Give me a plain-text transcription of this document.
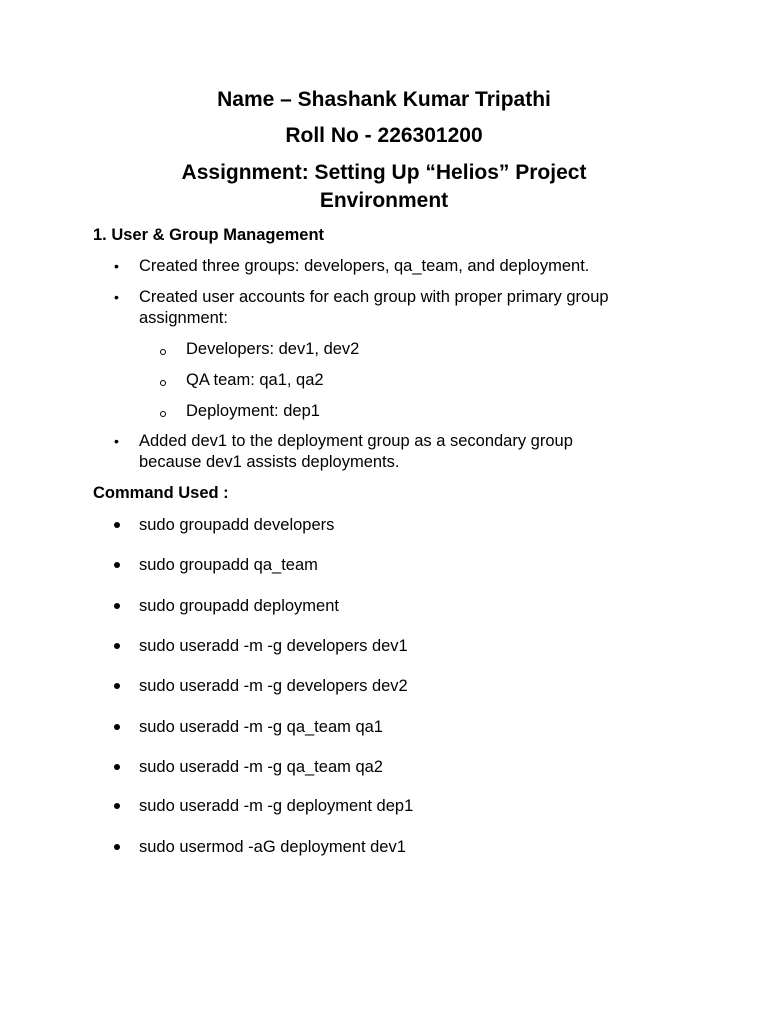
Name – Shashank Kumar Tripathi
Roll No - 226301200
Assignment: Setting Up “Helios” Project
Environment
1. User & Group Management
• Created three groups: developers, qa_team, and deployment.
• Created user accounts for each group with proper primary group assignment:
Developers: dev1, dev2
QA team: qa1, qa2
Deployment: dep1
• Added dev1 to the deployment group as a secondary group because dev1 assists deployments.
Command Used :
sudo groupadd developers
sudo groupadd qa_team
sudo groupadd deployment
sudo useradd -m -g developers dev1
sudo useradd -m -g developers dev2
sudo useradd -m -g qa_team qa1
sudo useradd -m -g qa_team qa2
sudo useradd -m -g deployment dep1
sudo usermod -aG deployment dev1
